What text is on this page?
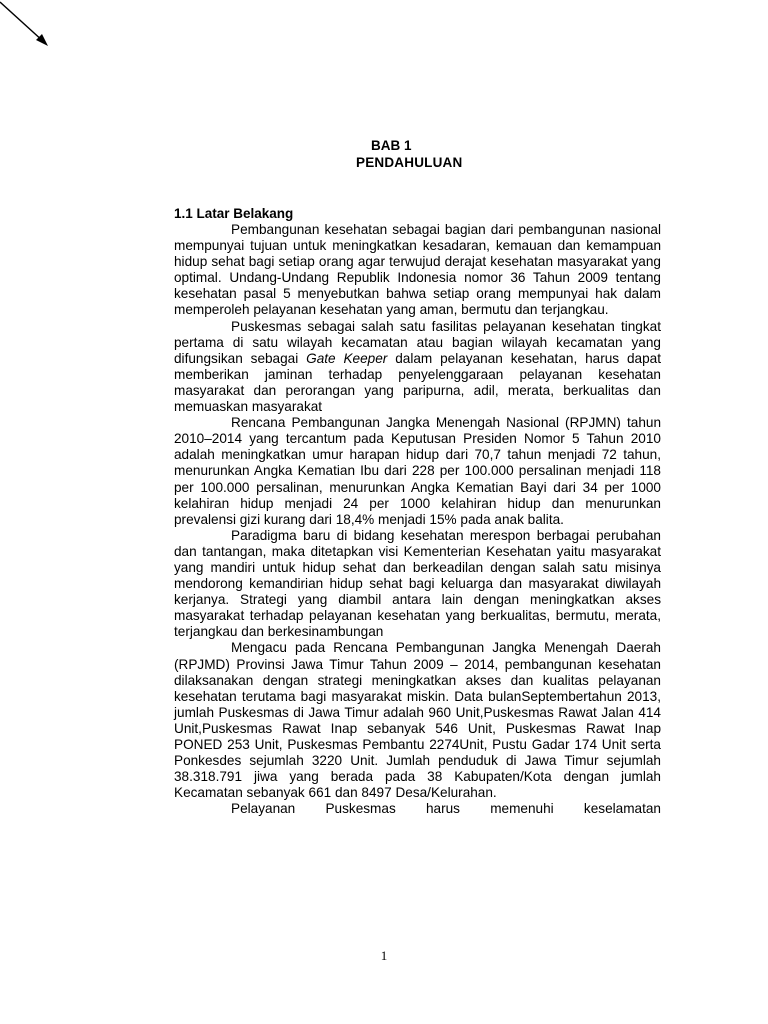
BAB 1
PENDAHULUAN
1.1 Latar Belakang

Pembangunan kesehatan sebagai bagian dari pembangunan nasional mempunyai tujuan untuk meningkatkan kesadaran, kemauan dan kemampuan hidup sehat bagi setiap orang agar terwujud derajat kesehatan masyarakat yang optimal. Undang-Undang Republik Indonesia nomor 36 Tahun 2009 tentang kesehatan pasal 5 menyebutkan bahwa setiap orang mempunyai hak dalam memperoleh pelayanan kesehatan yang aman, bermutu dan terjangkau.

Puskesmas sebagai salah satu fasilitas pelayanan kesehatan tingkat pertama di satu wilayah kecamatan atau bagian wilayah kecamatan yang difungsikan sebagai Gate Keeper dalam pelayanan kesehatan, harus dapat memberikan jaminan terhadap penyelenggaraan pelayanan kesehatan masyarakat dan perorangan yang paripurna, adil, merata, berkualitas dan memuaskan masyarakat

Rencana Pembangunan Jangka Menengah Nasional (RPJMN) tahun 2010–2014 yang tercantum pada Keputusan Presiden Nomor 5 Tahun 2010 adalah meningkatkan umur harapan hidup dari 70,7 tahun menjadi 72 tahun, menurunkan Angka Kematian Ibu dari 228 per 100.000 persalinan menjadi 118 per 100.000 persalinan, menurunkan Angka Kematian Bayi dari 34 per 1000 kelahiran hidup menjadi 24 per 1000 kelahiran hidup dan menurunkan prevalensi gizi kurang dari 18,4% menjadi 15% pada anak balita.

Paradigma baru di bidang kesehatan merespon berbagai perubahan dan tantangan, maka ditetapkan visi Kementerian Kesehatan yaitu masyarakat yang mandiri untuk hidup sehat dan berkeadilan dengan salah satu misinya mendorong kemandirian hidup sehat bagi keluarga dan masyarakat diwilayah kerjanya. Strategi yang diambil antara lain dengan meningkatkan akses masyarakat terhadap pelayanan kesehatan yang berkualitas, bermutu, merata, terjangkau dan berkesinambungan

Mengacu pada Rencana Pembangunan Jangka Menengah Daerah (RPJMD) Provinsi Jawa Timur Tahun 2009 – 2014, pembangunan kesehatan dilaksanakan dengan strategi meningkatkan akses dan kualitas pelayanan kesehatan terutama bagi masyarakat miskin. Data bulanSeptembertahun 2013, jumlah Puskesmas di Jawa Timur adalah 960 Unit,Puskesmas Rawat Jalan 414 Unit,Puskesmas Rawat Inap sebanyak 546 Unit, Puskesmas Rawat Inap PONED 253 Unit, Puskesmas Pembantu 2274Unit, Pustu Gadar 174 Unit serta Ponkesdes sejumlah 3220 Unit. Jumlah penduduk di Jawa Timur sejumlah 38.318.791 jiwa yang berada pada 38 Kabupaten/Kota dengan jumlah Kecamatan sebanyak 661 dan 8497 Desa/Kelurahan.

Pelayanan Puskesmas harus memenuhi keselamatan

1
